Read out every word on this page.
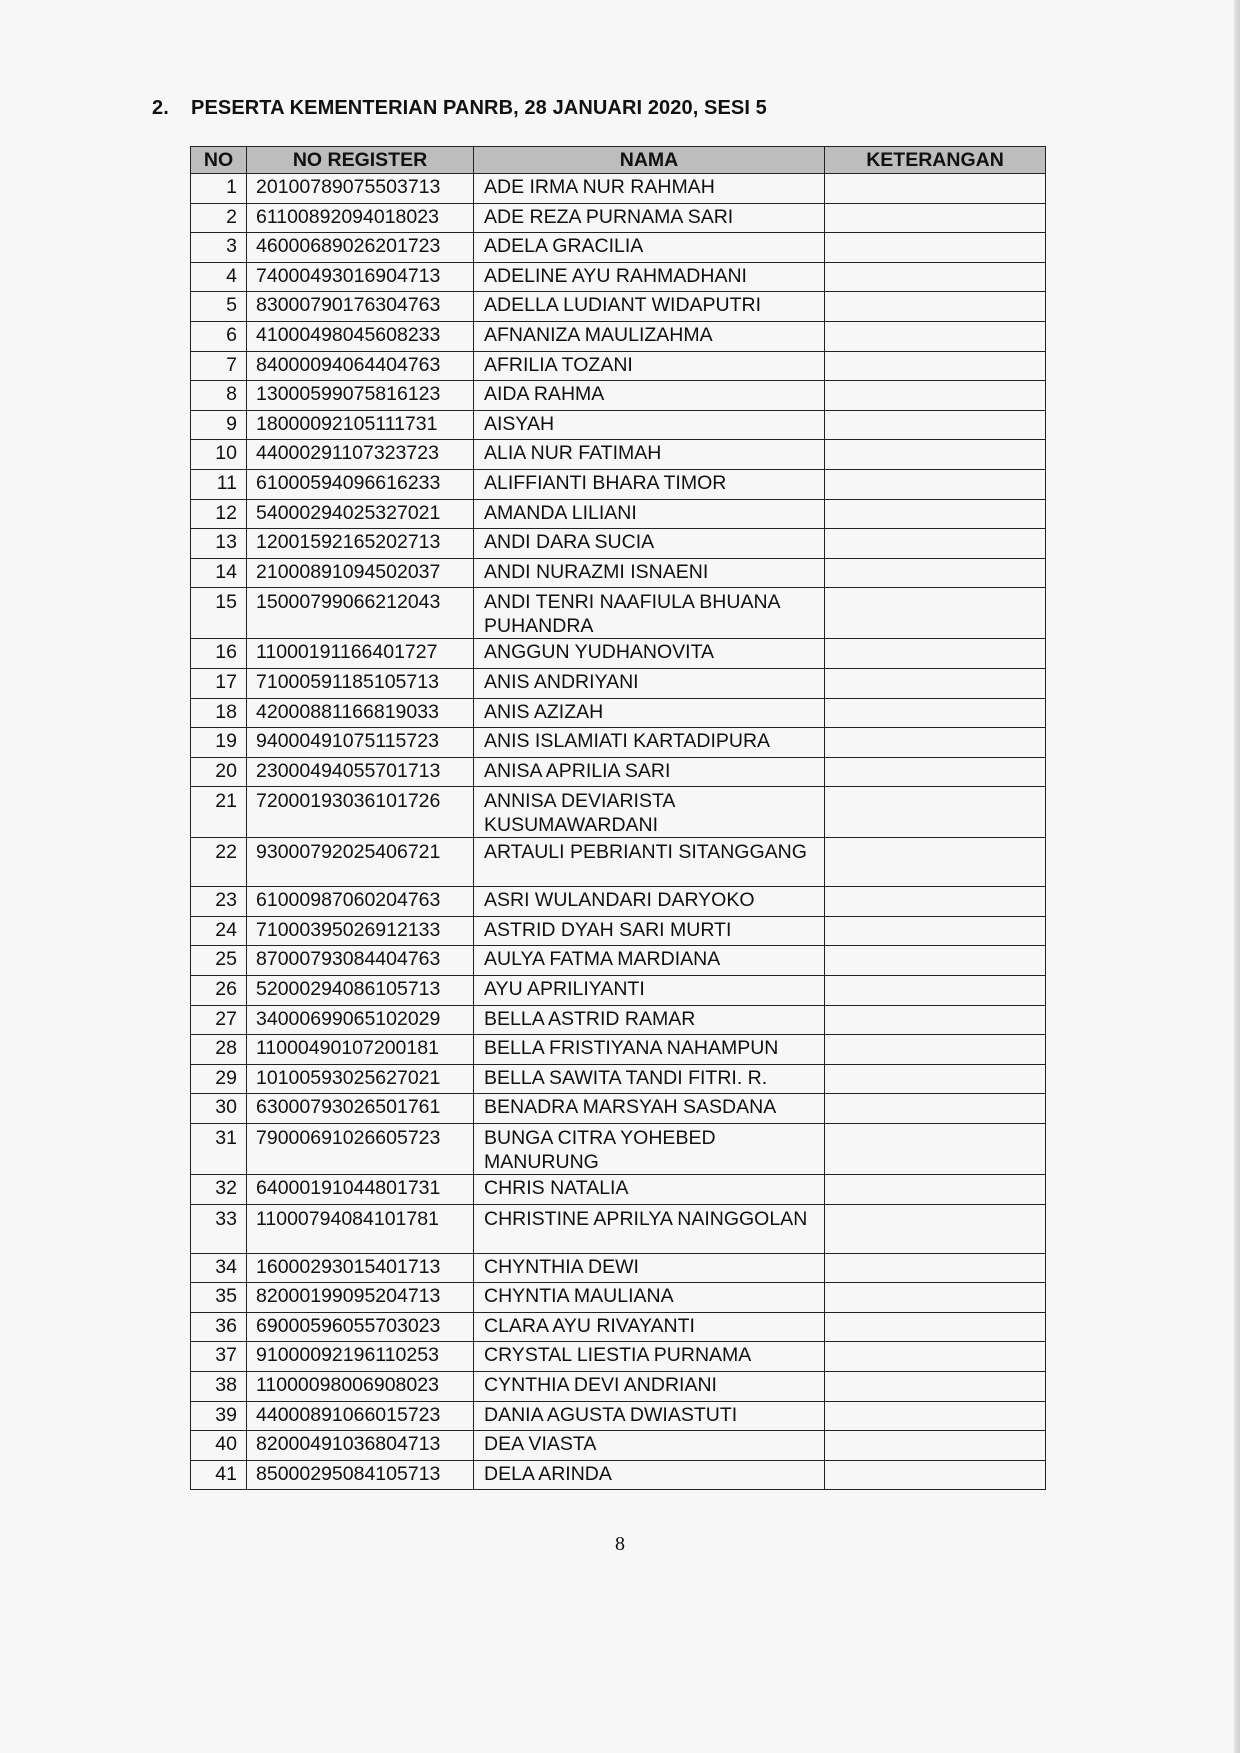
2. PESERTA KEMENTERIAN PANRB, 28 JANUARI 2020, SESI 5
NO	NO REGISTER	NAMA	KETERANGAN
1	20100789075503713	ADE IRMA NUR RAHMAH	
2	61100892094018023	ADE REZA PURNAMA SARI	
3	46000689026201723	ADELA GRACILIA	
4	74000493016904713	ADELINE AYU RAHMADHANI	
5	83000790176304763	ADELLA LUDIANT WIDAPUTRI	
6	41000498045608233	AFNANIZA MAULIZAHMA	
7	84000094064404763	AFRILIA TOZANI	
8	13000599075816123	AIDA RAHMA	
9	18000092105111731	AISYAH	
10	44000291107323723	ALIA NUR FATIMAH	
11	61000594096616233	ALIFFIANTI BHARA TIMOR	
12	54000294025327021	AMANDA LILIANI	
13	12001592165202713	ANDI DARA SUCIA	
14	21000891094502037	ANDI NURAZMI ISNAENI	
15	15000799066212043	ANDI TENRI NAAFIULA BHUANA PUHANDRA	
16	11000191166401727	ANGGUN YUDHANOVITA	
17	71000591185105713	ANIS ANDRIYANI	
18	42000881166819033	ANIS AZIZAH	
19	94000491075115723	ANIS ISLAMIATI KARTADIPURA	
20	23000494055701713	ANISA APRILIA SARI	
21	72000193036101726	ANNISA DEVIARISTA KUSUMAWARDANI	
22	93000792025406721	ARTAULI PEBRIANTI SITANGGANG	
23	61000987060204763	ASRI WULANDARI DARYOKO	
24	71000395026912133	ASTRID DYAH SARI MURTI	
25	87000793084404763	AULYA FATMA MARDIANA	
26	52000294086105713	AYU APRILIYANTI	
27	34000699065102029	BELLA ASTRID RAMAR	
28	11000490107200181	BELLA FRISTIYANA NAHAMPUN	
29	10100593025627021	BELLA SAWITA TANDI FITRI. R.	
30	63000793026501761	BENADRA MARSYAH SASDANA	
31	79000691026605723	BUNGA CITRA YOHEBED MANURUNG	
32	64000191044801731	CHRIS NATALIA	
33	11000794084101781	CHRISTINE APRILYA NAINGGOLAN	
34	16000293015401713	CHYNTHIA DEWI	
35	82000199095204713	CHYNTIA MAULIANA	
36	69000596055703023	CLARA AYU RIVAYANTI	
37	91000092196110253	CRYSTAL LIESTIA PURNAMA	
38	11000098006908023	CYNTHIA DEVI ANDRIANI	
39	44000891066015723	DANIA AGUSTA DWIASTUTI	
40	82000491036804713	DEA VIASTA	
41	85000295084105713	DELA ARINDA	
8
